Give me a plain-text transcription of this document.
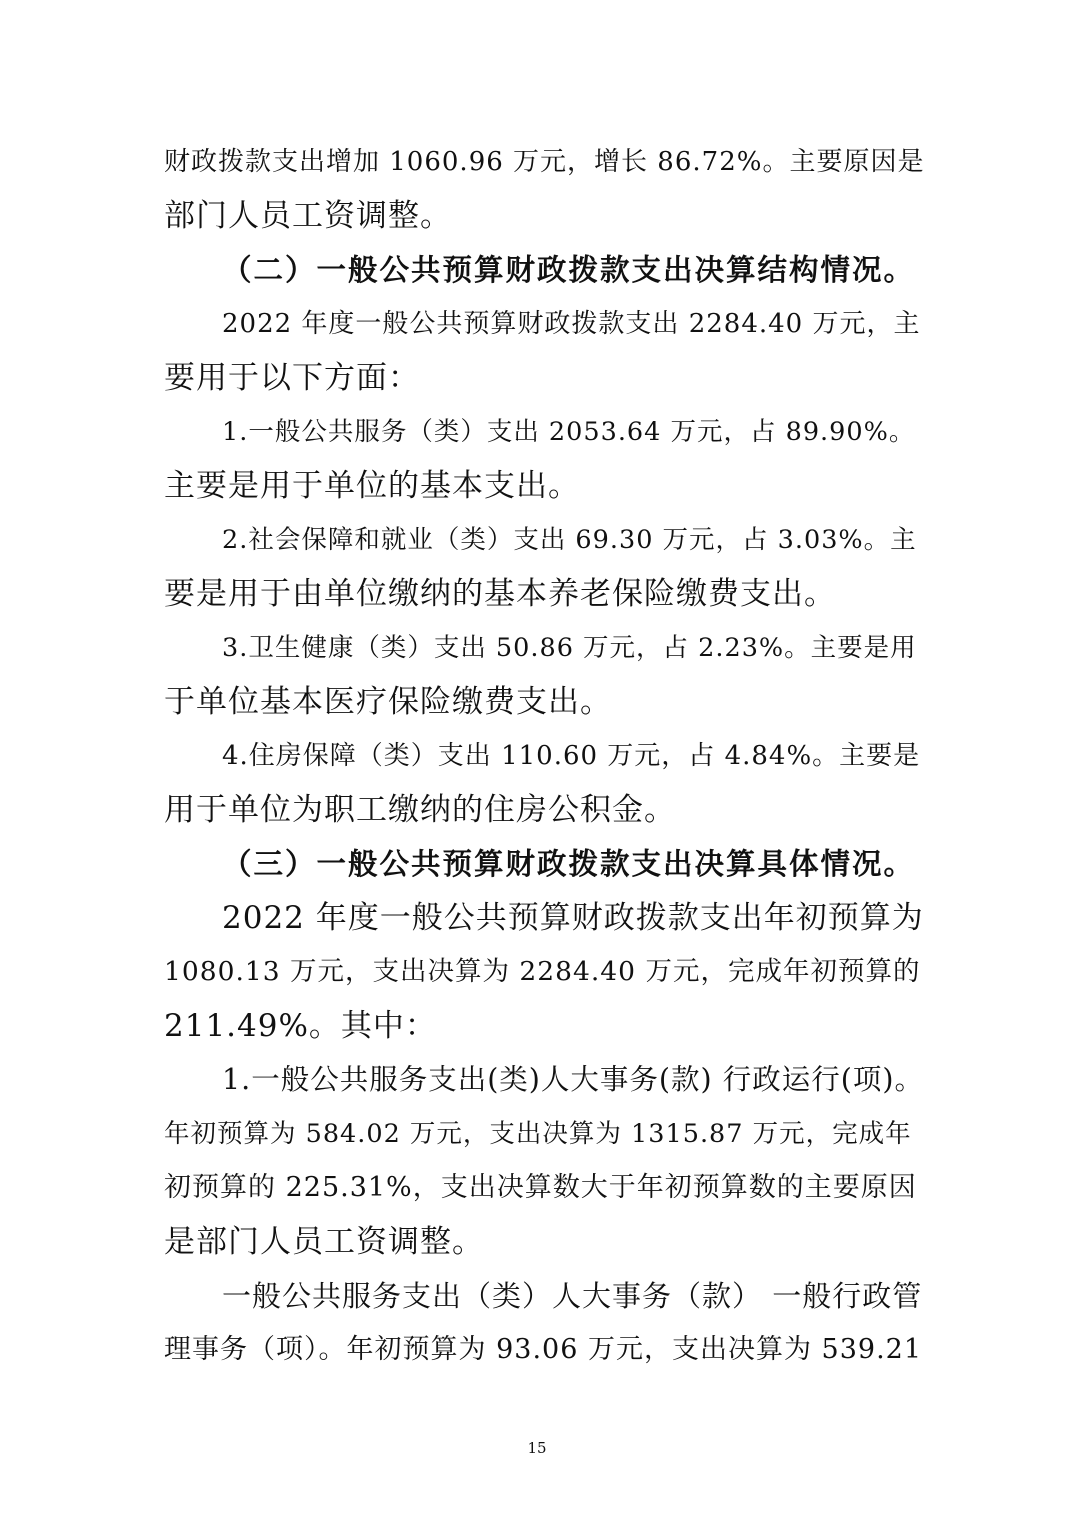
财政拨款支出增加 1060.96 万元，增长 86.72%。主要原因是
部门人员工资调整。
（二）一般公共预算财政拨款支出决算结构情况。
2022 年度一般公共预算财政拨款支出 2284.40 万元，主
要用于以下方面：
1.一般公共服务（类）支出 2053.64 万元，占 89.90%。
主要是用于单位的基本支出。
2.社会保障和就业（类）支出 69.30 万元，占 3.03%。主
要是用于由单位缴纳的基本养老保险缴费支出。
3.卫生健康（类）支出 50.86 万元，占 2.23%。主要是用
于单位基本医疗保险缴费支出。
4.住房保障（类）支出 110.60 万元，占 4.84%。主要是
用于单位为职工缴纳的住房公积金。
（三）一般公共预算财政拨款支出决算具体情况。
2022 年度一般公共预算财政拨款支出年初预算为
1080.13 万元，支出决算为 2284.40 万元，完成年初预算的
211.49%。其中：
1.一般公共服务支出(类)人大事务(款) 行政运行(项)。
年初预算为 584.02 万元，支出决算为 1315.87 万元，完成年
初预算的 225.31%，支出决算数大于年初预算数的主要原因
是部门人员工资调整。
一般公共服务支出（类）人大事务（款） 一般行政管
理事务（项）。年初预算为 93.06 万元，支出决算为 539.21
15
